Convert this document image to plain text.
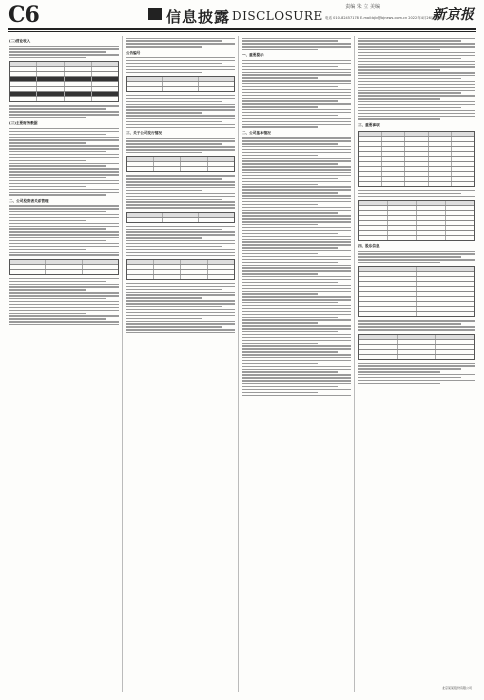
C6	信息披露 DISCLOSURE
责编 朱 立 美编
电话 010-82457178 E-mail:bjb@bjnews.com.cn 2022年4月26日 星期二
新京报
(二)营业收入
(三)主要财务数据
二、公司投资者关系管理
公告编号
三、关于公司发行情况
一、重要提示
二、公司基本情况
三、重要事项
四、股东信息
北京某某股份有限公司
